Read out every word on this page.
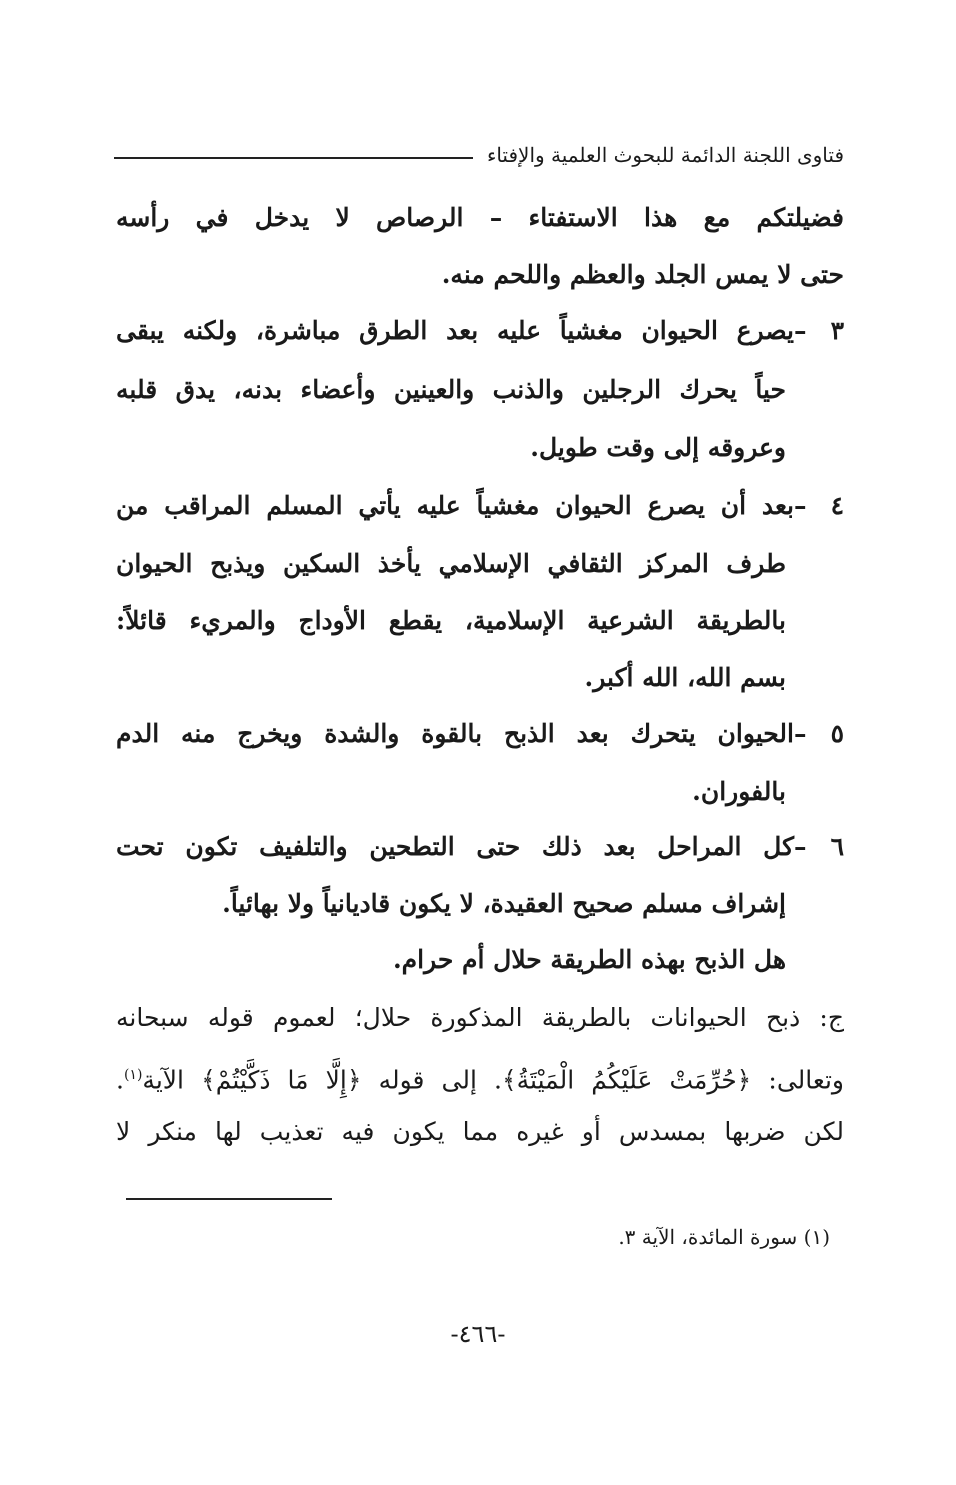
فتاوى اللجنة الدائمة للبحوث العلمية والإفتاء
فضيلتكم مع هذا الاستفتاء – الرصاص لا يدخل في رأسه
حتى لا يمس الجلد والعظم واللحم منه.
٣ –يصرع الحيوان مغشياً عليه بعد الطرق مباشرة، ولكنه يبقى
حياً يحرك الرجلين والذنب والعينين وأعضاء بدنه، يدق قلبه
وعروقه إلى وقت طويل.
٤ –بعد أن يصرع الحيوان مغشياً عليه يأتي المسلم المراقب من
طرف المركز الثقافي الإسلامي يأخذ السكين ويذبح الحيوان
بالطريقة الشرعية الإسلامية، يقطع الأوداج والمريء قائلاً:
بسم الله، الله أكبر.
٥ –الحيوان يتحرك بعد الذبح بالقوة والشدة ويخرج منه الدم
بالفوران.
٦ –كل المراحل بعد ذلك حتى التطحين والتلفيف تكون تحت
إشراف مسلم صحيح العقيدة، لا يكون قاديانياً ولا بهائياً.
هل الذبح بهذه الطريقة حلال أم حرام.
ج: ذبح الحيوانات بالطريقة المذكورة حلال؛ لعموم قوله سبحانه
وتعالى: ﴿حُرِّمَتْ عَلَيْكُمُ الْمَيْتَةُ﴾. إلى قوله ﴿إِلَّا مَا ذَكَّيْتُمْ﴾ الآية$^{(١)}$.
لكن ضربها بمسدس أو غيره مما يكون فيه تعذيب لها منكر لا
(١) سورة المائدة، الآية ٣.
-٤٦٦-
